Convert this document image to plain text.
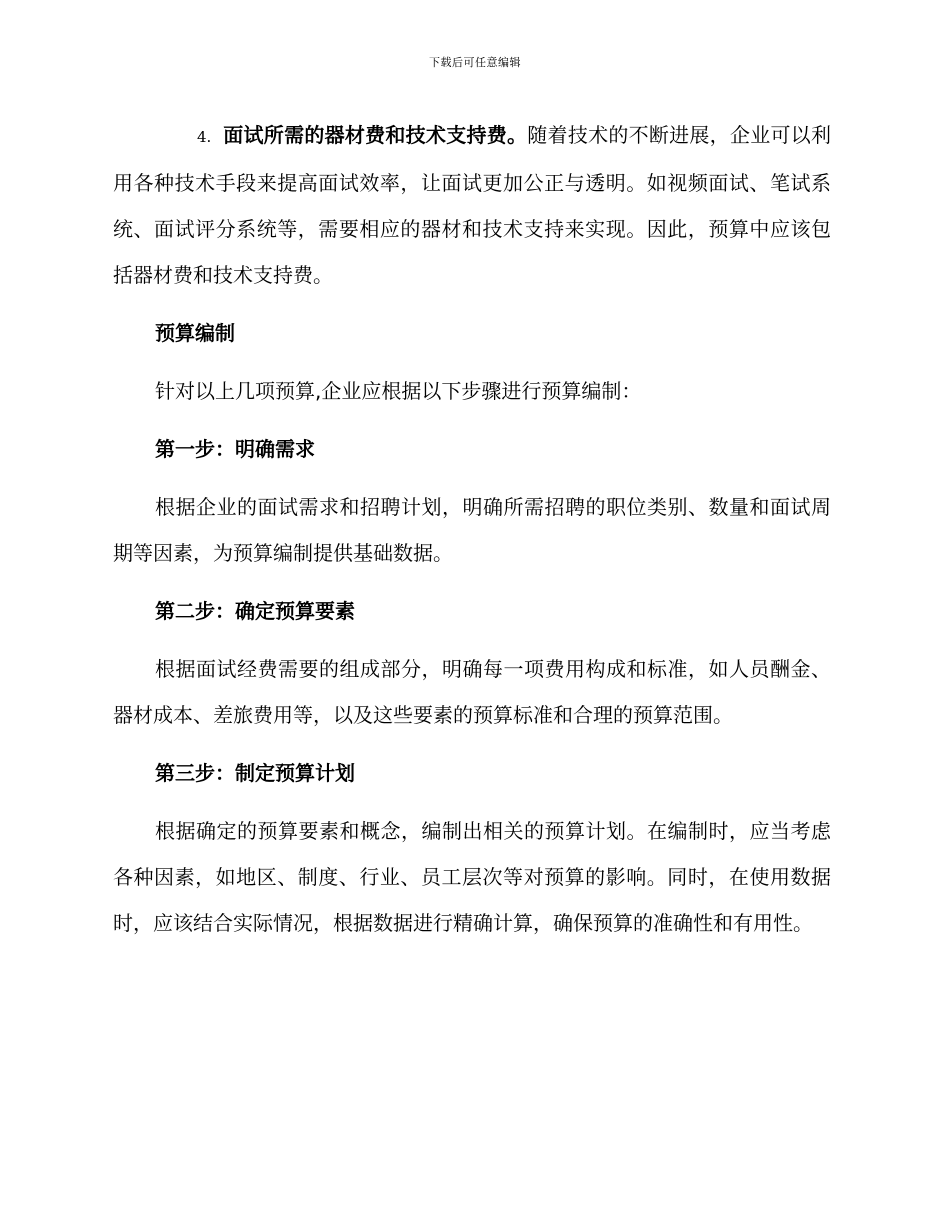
下载后可任意编辑

4. 面试所需的器材费和技术支持费。随着技术的不断进展，企业可以利用各种技术手段来提高面试效率，让面试更加公正与透明。如视频面试、笔试系统、面试评分系统等，需要相应的器材和技术支持来实现。因此，预算中应该包括器材费和技术支持费。

预算编制

针对以上几项预算,企业应根据以下步骤进行预算编制：

第一步：明确需求

根据企业的面试需求和招聘计划，明确所需招聘的职位类别、数量和面试周期等因素，为预算编制提供基础数据。

第二步：确定预算要素

根据面试经费需要的组成部分，明确每一项费用构成和标准，如人员酬金、器材成本、差旅费用等，以及这些要素的预算标准和合理的预算范围。

第三步：制定预算计划

根据确定的预算要素和概念，编制出相关的预算计划。在编制时，应当考虑各种因素，如地区、制度、行业、员工层次等对预算的影响。同时，在使用数据时，应该结合实际情况，根据数据进行精确计算，确保预算的准确性和有用性。
